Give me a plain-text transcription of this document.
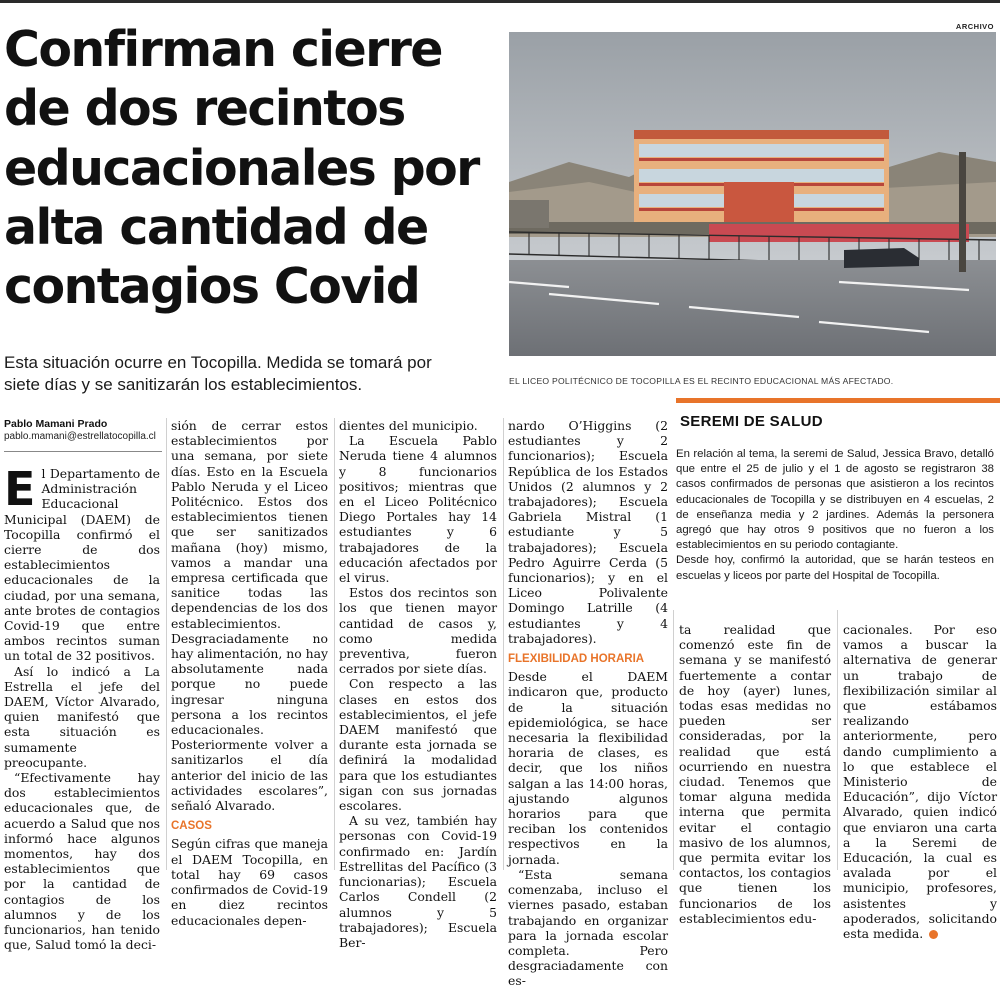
ARCHIVO
Confirman cierre
de dos recintos
educacionales por
alta cantidad de
contagios Covid
Esta situación ocurre en Tocopilla. Medida se tomará por
siete días y se sanitizarán los establecimientos.	EL LICEO POLITÉCNICO DE TOCOPILLA ES EL RECINTO EDUCACIONAL MÁS AFECTADO.
Pablo Mamani Prado
pablo.mamani@estrellatocopilla.cl

E l Departamento de Administración Educacional Municipal (DAEM) de Tocopilla confirmó el cierre de dos establecimientos educacionales de la ciudad, por una semana, ante brotes de contagios Covid-19 que entre ambos recintos suman un total de 32 positivos.

Así lo indicó a La Estrella el jefe del DAEM, Víctor Alvarado, quien manifestó que esta situación es sumamente preocupante.

“Efectivamente hay dos establecimientos educacionales que, de acuerdo a Salud que nos informó hace algunos momentos, hay dos establecimientos que por la cantidad de contagios de los alumnos y de los funcionarios, han tenido que, Salud tomó la deci-

sión de cerrar estos establecimientos por una semana, por siete días. Esto en la Escuela Pablo Neruda y el Liceo Politécnico. Estos dos establecimientos tienen que ser sanitizados mañana (hoy) mismo, vamos a mandar una empresa certificada que sanitice todas las dependencias de los dos establecimientos. Desgraciadamente no hay alimentación, no hay absolutamente nada porque no puede ingresar ninguna persona a los recintos educacionales. Posteriormente volver a sanitizarlos el día anterior del inicio de las actividades escolares”, señaló Alvarado.

CASOS

Según cifras que maneja el DAEM Tocopilla, en total hay 69 casos confirmados de Covid-19 en diez recintos educacionales depen-

dientes del municipio.

La Escuela Pablo Neruda tiene 4 alumnos y 8 funcionarios positivos; mientras que en el Liceo Politécnico Diego Portales hay 14 estudiantes y 6 trabajadores de la educación afectados por el virus.

Estos dos recintos son los que tienen mayor cantidad de casos y, como medida preventiva, fueron cerrados por siete días.

Con respecto a las clases en estos dos establecimientos, el jefe DAEM manifestó que durante esta jornada se definirá la modalidad para que los estudiantes sigan con sus jornadas escolares.

A su vez, también hay personas con Covid-19 confirmado en: Jardín Estrellitas del Pacífico (3 funcionarias); Escuela Carlos Condell (2 alumnos y 5 trabajadores); Escuela Ber-

nardo O’Higgins (2 estudiantes y 2 funcionarios); Escuela República de los Estados Unidos (2 alumnos y 2 trabajadores); Escuela Gabriela Mistral (1 estudiante y 5 trabajadores); Escuela Pedro Aguirre Cerda (5 funcionarios); y en el Liceo Polivalente Domingo Latrille (4 estudiantes y 4 trabajadores).

FLEXIBILIDAD HORARIA

Desde el DAEM indicaron que, producto de la situación epidemiológica, se hace necesaria la flexibilidad horaria de clases, es decir, que los niños salgan a las 14:00 horas, ajustando algunos horarios para que reciban los contenidos respectivos en la jornada.

“Esta semana comenzaba, incluso el viernes pasado, estaban trabajando en organizar para la jornada escolar completa. Pero desgraciadamente con es-

SEREMI DE SALUD

En relación al tema, la seremi de Salud, Jessica Bravo, detalló que entre el 25 de julio y el 1 de agosto se registraron 38 casos confirmados de personas que asistieron a los recintos educacionales de Tocopilla y se distribuyen en 4 escuelas, 2 de enseñanza media y 2 jardines. Además la personera agregó que hay otros 9 positivos que no fueron a los establecimientos en su periodo contagiante.

Desde hoy, confirmó la autoridad, que se harán testeos en escuelas y liceos por parte del Hospital de Tocopilla.

ta realidad que comenzó este fin de semana y se manifestó fuertemente a contar de hoy (ayer) lunes, todas esas medidas no pueden ser consideradas, por la realidad que está ocurriendo en nuestra ciudad. Tenemos que tomar alguna medida interna que permita evitar el contagio masivo de los alumnos, que permita evitar los contactos, los contagios que tienen los funcionarios de los establecimientos edu-

cacionales. Por eso vamos a buscar la alternativa de generar un trabajo de flexibilización similar al que estábamos realizando anteriormente, pero dando cumplimiento a lo que establece el Ministerio de Educación”, dijo Víctor Alvarado, quien indicó que enviaron una carta a la Seremi de Educación, la cual es avalada por el municipio, profesores, asistentes y apoderados, solicitando esta medida.
